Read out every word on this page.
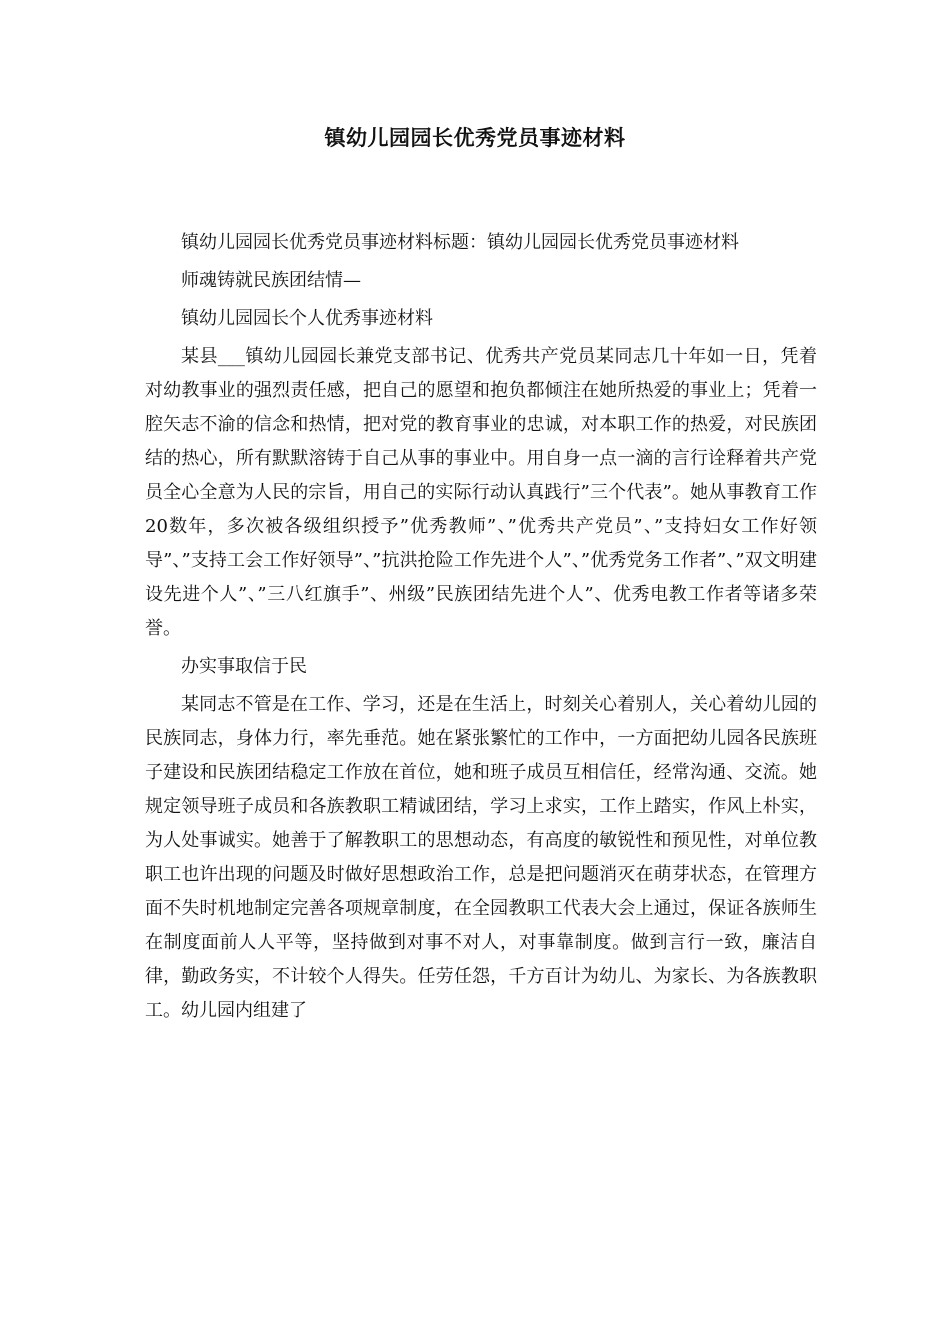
镇幼儿园园长优秀党员事迹材料

镇幼儿园园长优秀党员事迹材料标题：镇幼儿园园长优秀党员事迹材料

师魂铸就民族团结情—

镇幼儿园园长个人优秀事迹材料

某县___镇幼儿园园长兼党支部书记、优秀共产党员某同志几十年如一日，凭着对幼教事业的强烈责任感，把自己的愿望和抱负都倾注在她所热爱的事业上；凭着一腔矢志不渝的信念和热情，把对党的教育事业的忠诚，对本职工作的热爱，对民族团结的热心，所有默默溶铸于自己从事的事业中。用自身一点一滴的言行诠释着共产党员全心全意为人民的宗旨，用自己的实际行动认真践行”三个代表”。她从事教育工作20数年，多次被各级组织授予”优秀教师”、”优秀共产党员”、”支持妇女工作好领导”、”支持工会工作好领导”、”抗洪抢险工作先进个人”、”优秀党务工作者”、”双文明建设先进个人”、”三八红旗手”、州级”民族团结先进个人”、优秀电教工作者等诸多荣誉。

办实事取信于民

某同志不管是在工作、学习，还是在生活上，时刻关心着别人，关心着幼儿园的民族同志，身体力行，率先垂范。她在紧张繁忙的工作中，一方面把幼儿园各民族班子建设和民族团结稳定工作放在首位，她和班子成员互相信任，经常沟通、交流。她规定领导班子成员和各族教职工精诚团结，学习上求实，工作上踏实，作风上朴实，为人处事诚实。她善于了解教职工的思想动态，有高度的敏锐性和预见性，对单位教职工也许出现的问题及时做好思想政治工作，总是把问题消灭在萌芽状态，在管理方面不失时机地制定完善各项规章制度，在全园教职工代表大会上通过，保证各族师生在制度面前人人平等，坚持做到对事不对人，对事靠制度。做到言行一致，廉洁自律，勤政务实，不计较个人得失。任劳任怨，千方百计为幼儿、为家长、为各族教职工。幼儿园内组建了
